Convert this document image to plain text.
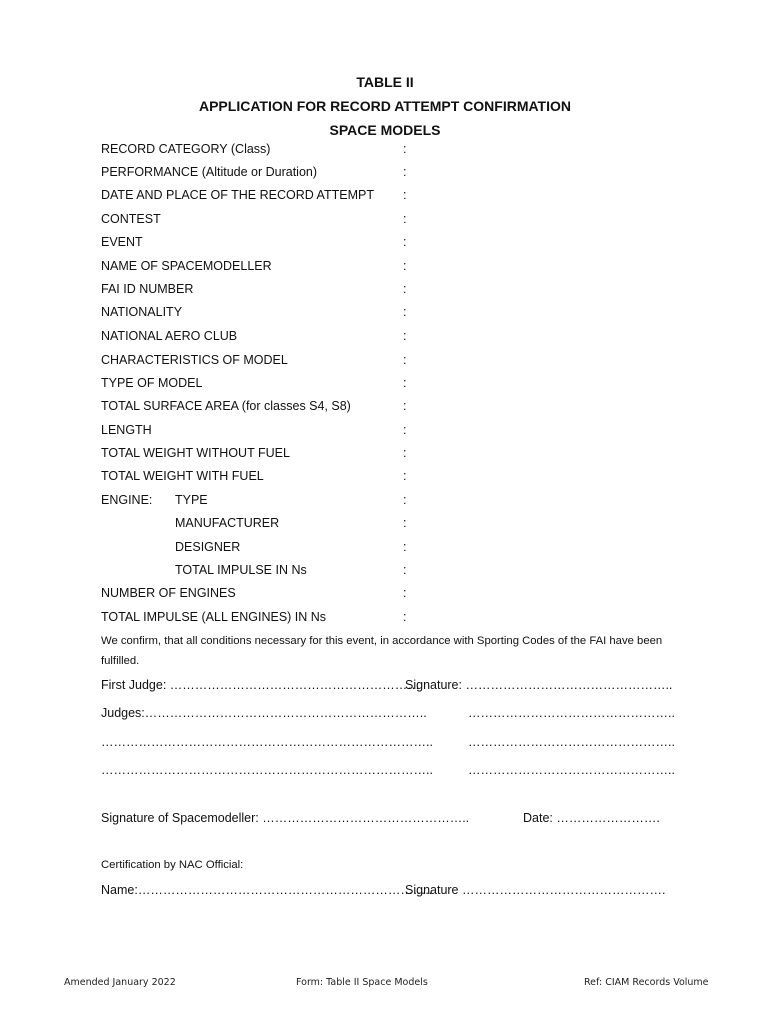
TABLE II
APPLICATION FOR RECORD ATTEMPT CONFIRMATION
SPACE MODELS
RECORD CATEGORY (Class)	:
PERFORMANCE (Altitude or Duration)	:
DATE AND PLACE OF THE RECORD ATTEMPT :
CONTEST	:
EVENT	:
NAME OF SPACEMODELLER	:
FAI ID NUMBER	:
NATIONALITY	:
NATIONAL AERO CLUB	:
CHARACTERISTICS OF MODEL	:
TYPE OF MODEL	:
TOTAL SURFACE AREA (for classes S4, S8)	:
LENGTH	:
TOTAL WEIGHT WITHOUT FUEL	:
TOTAL WEIGHT WITH FUEL	:
ENGINE: TYPE	:
MANUFACTURER	:
DESIGNER	:
TOTAL IMPULSE IN Ns	:
NUMBER OF ENGINES	:
TOTAL IMPULSE (ALL ENGINES) IN Ns	:
We confirm, that all conditions necessary for this event, in accordance with Sporting Codes of the FAI have been fulfilled.
First Judge: ……………………………………………………
Signature: …………………………………………..
Judges:…………………………………………………………..	…………………………………………..
……………………………………………………………………..	…………………………………………..
……………………………………………………………………..	…………………………………………..
Signature of Spacemodeller: …………………………………………..	Date: …………………….
Certification by NAC Official:
Name:……………………………………………………………..
Signature ………………………………………….
Amended January 2022	Form: Table II Space Models	Ref: CIAM Records Volume
